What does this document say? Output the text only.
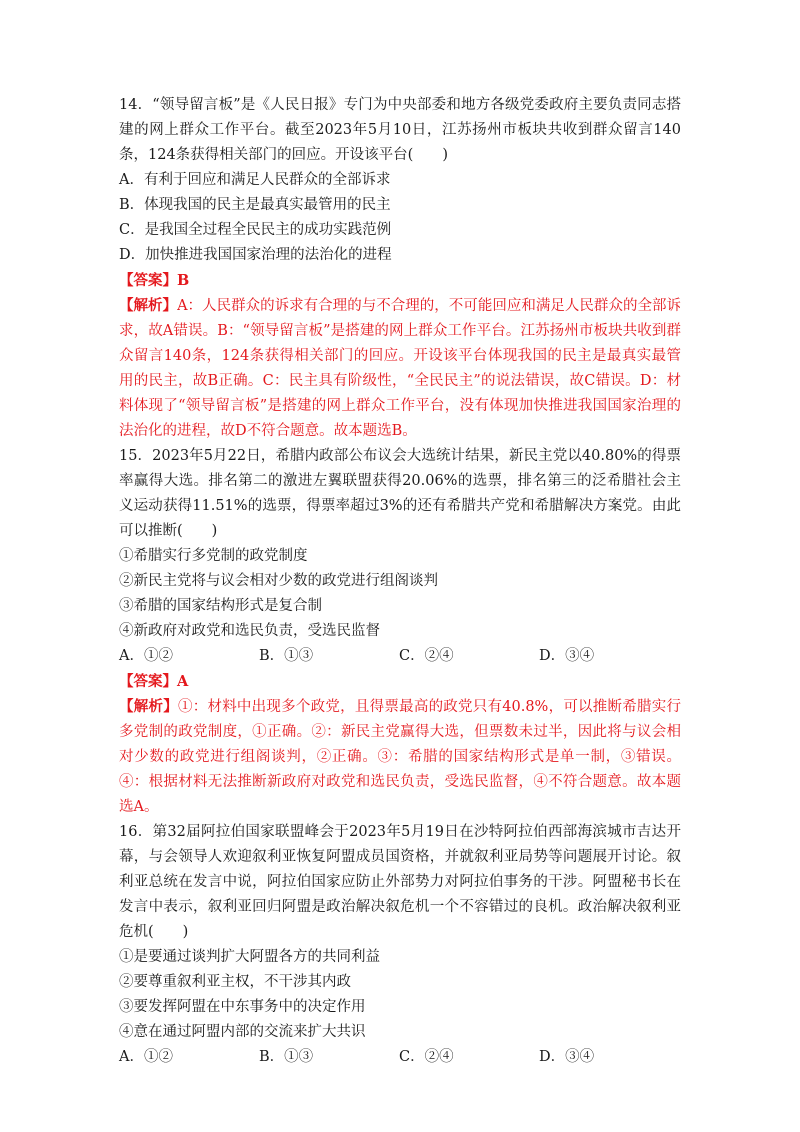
14．“领导留言板”是《人民日报》专门为中央部委和地方各级党委政府主要负责同志搭建的网上群众工作平台。截至2023年5月10日，江苏扬州市板块共收到群众留言140条，124条获得相关部门的回应。开设该平台(　　)

A．有利于回应和满足人民群众的全部诉求
B．体现我国的民主是最真实最管用的民主
C．是我国全过程全民民主的成功实践范例
D．加快推进我国国家治理的法治化的进程
【答案】B

【解析】A：人民群众的诉求有合理的与不合理的，不可能回应和满足人民群众的全部诉求，故A错误。B：“领导留言板”是搭建的网上群众工作平台。江苏扬州市板块共收到群众留言140条，124条获得相关部门的回应。开设该平台体现我国的民主是最真实最管用的民主，故B正确。C：民主具有阶级性，“全民民主”的说法错误，故C错误。D：材料体现了“领导留言板”是搭建的网上群众工作平台，没有体现加快推进我国国家治理的法治化的进程，故D不符合题意。故本题选B。

15．2023年5月22日，希腊内政部公布议会大选统计结果，新民主党以40.80%的得票率赢得大选。排名第二的激进左翼联盟获得20.06%的选票，排名第三的泛希腊社会主义运动获得11.51%的选票，得票率超过3%的还有希腊共产党和希腊解决方案党。由此可以推断(　　)

①希腊实行多党制的政党制度
②新民主党将与议会相对少数的政党进行组阁谈判
③希腊的国家结构形式是复合制
④新政府对政党和选民负责，受选民监督
A．①②	B．①③	C．②④	D．③④
【答案】A

【解析】①：材料中出现多个政党，且得票最高的政党只有40.8%，可以推断希腊实行多党制的政党制度，①正确。②：新民主党赢得大选，但票数未过半，因此将与议会相对少数的政党进行组阁谈判，②正确。③：希腊的国家结构形式是单一制，③错误。④：根据材料无法推断新政府对政党和选民负责，受选民监督，④不符合题意。故本题选A。

16．第32届阿拉伯国家联盟峰会于2023年5月19日在沙特阿拉伯西部海滨城市吉达开幕，与会领导人欢迎叙利亚恢复阿盟成员国资格，并就叙利亚局势等问题展开讨论。叙利亚总统在发言中说，阿拉伯国家应防止外部势力对阿拉伯事务的干涉。阿盟秘书长在发言中表示，叙利亚回归阿盟是政治解决叙危机一个不容错过的良机。政治解决叙利亚危机(　　)

①是要通过谈判扩大阿盟各方的共同利益
②要尊重叙利亚主权，不干涉其内政
③要发挥阿盟在中东事务中的决定作用
④意在通过阿盟内部的交流来扩大共识
A．①②	B．①③	C．②④	D．③④
